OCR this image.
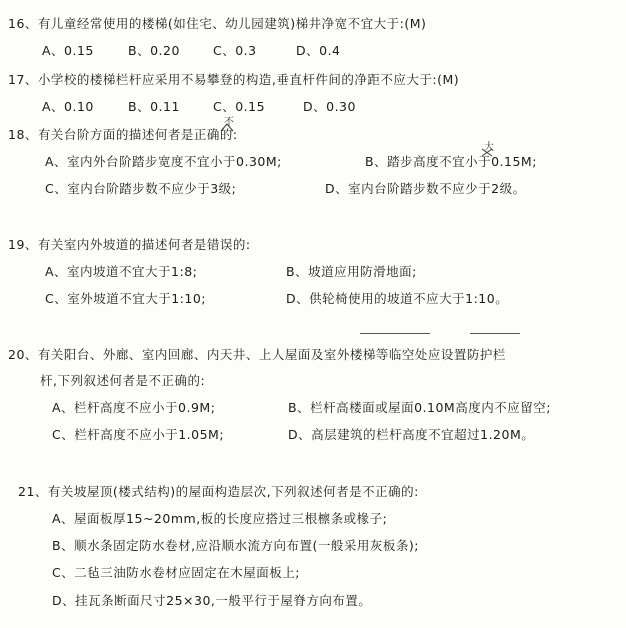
16、有儿童经常使用的楼梯(如住宅、幼儿园建筑)梯井净宽不宜大于:(M)
A、0.15	B、0.20	C、0.3	D、0.4
17、小学校的楼梯栏杆应采用不易攀登的构造,垂直杆件间的净距不应大于:(M)
A、0.10	B、0.11	C、0.15	D、0.30
18、有关台阶方面的描述何者是正确的:
不
A、室内外台阶踏步宽度不宜小于0.30M;
大
B、踏步高度不宜小于0.15M;
C、室内台阶踏步数不应少于3级;	D、室内台阶踏步数不应少于2级。
19、有关室内外坡道的描述何者是错误的:
A、室内坡道不宜大于1:8;	B、坡道应用防滑地面;
C、室外坡道不宜大于1:10;	D、供轮椅使用的坡道不应大于1:10。
20、有关阳台、外廊、室内回廊、内天井、上人屋面及室外楼梯等临空处应设置防护栏
杆,下列叙述何者是不正确的:
A、栏杆高度不应小于0.9M;	B、栏杆高楼面或屋面0.10M高度内不应留空;
C、栏杆高度不应小于1.05M;	D、高层建筑的栏杆高度不宜超过1.20M。
21、有关坡屋顶(楼式结构)的屋面构造层次,下列叙述何者是不正确的:
A、屋面板厚15~20mm,板的长度应搭过三根檩条或椽子;
B、顺水条固定防水卷材,应沿顺水流方向布置(一般采用灰板条);
C、二毡三油防水卷材应固定在木屋面板上;
D、挂瓦条断面尺寸25×30,一般平行于屋脊方向布置。
